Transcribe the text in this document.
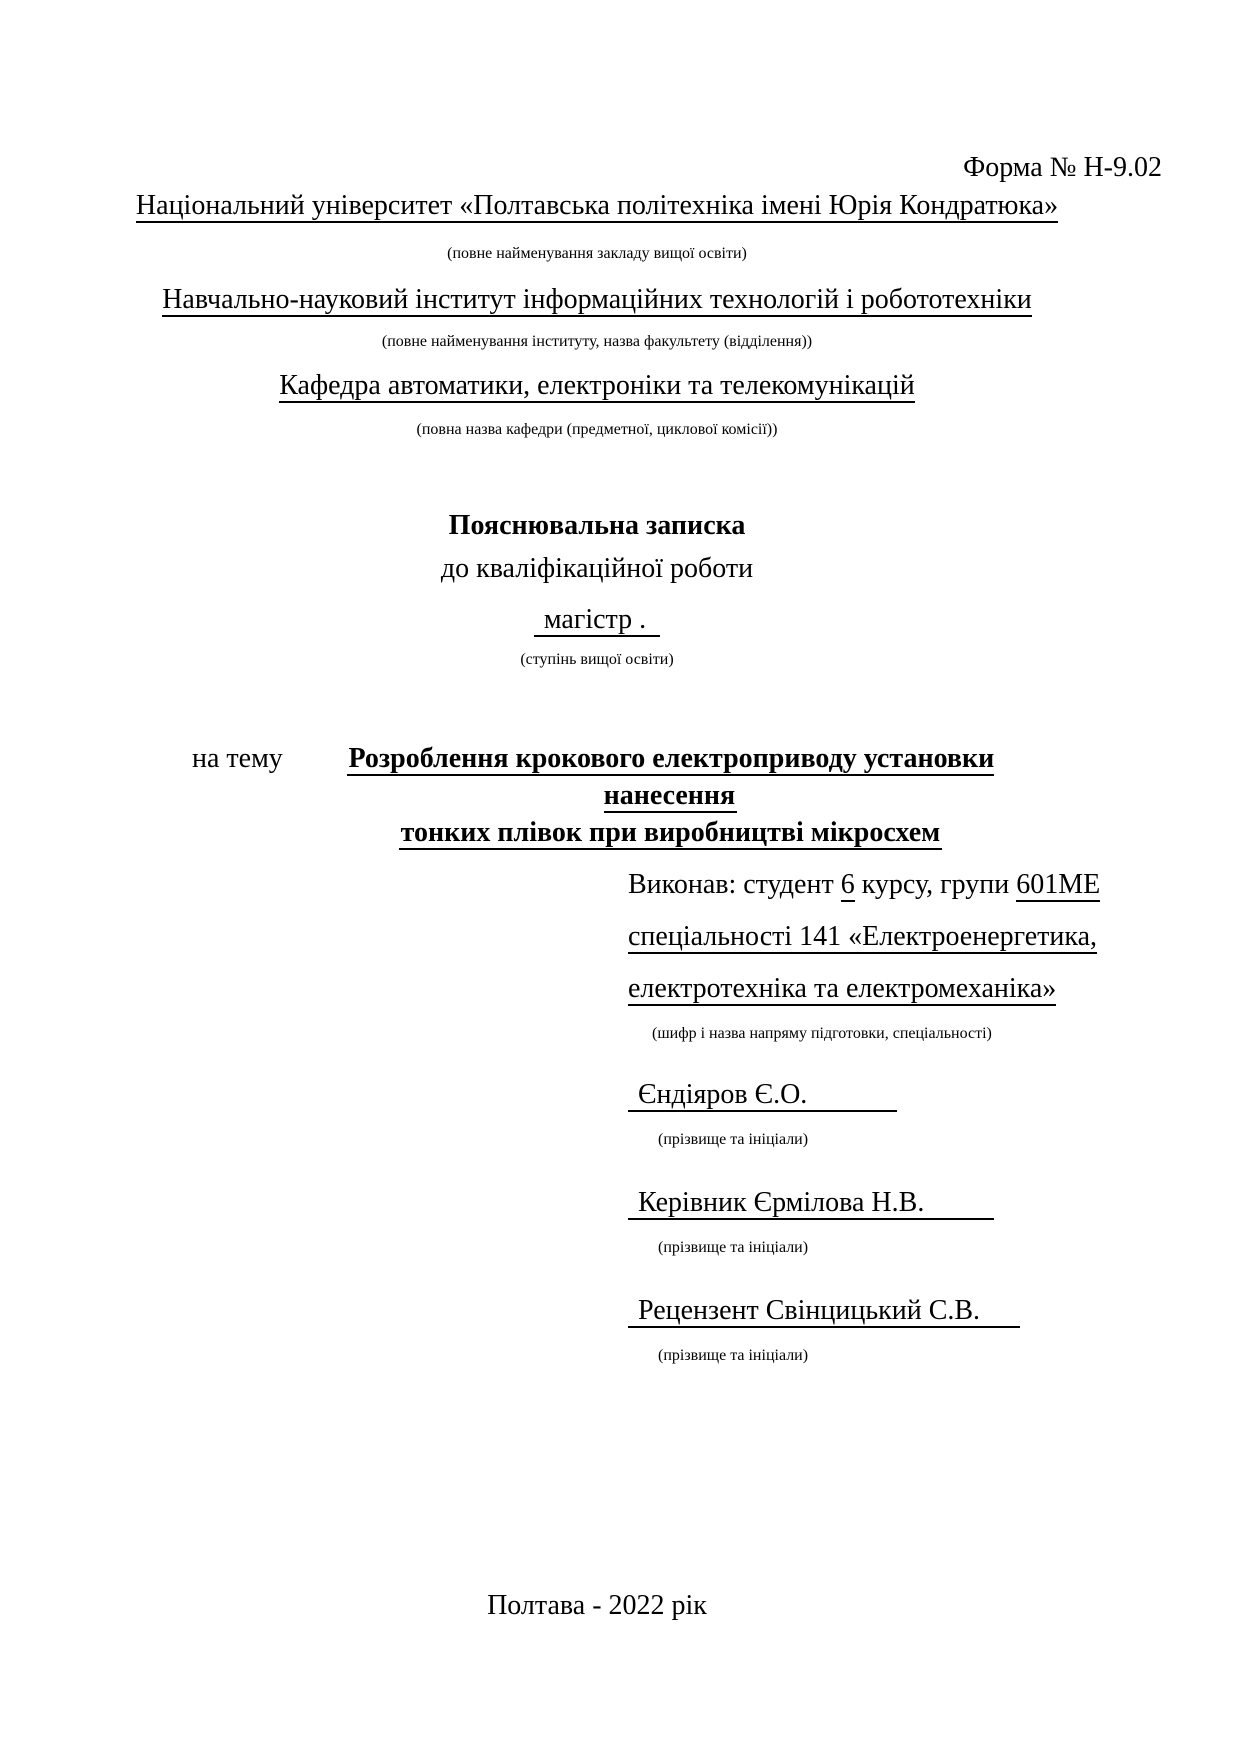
Форма № Н-9.02
Національний університет «Полтавська політехніка імені Юрія Кондратюка»
(повне найменування закладу вищої освіти)
Навчально-науковий інститут інформаційних технологій і робототехніки
(повне найменування інституту, назва факультету (відділення))
Кафедра автоматики, електроніки та телекомунікацій
(повна назва кафедри (предметної, циклової комісії))
Пояснювальна записка
до кваліфікаційної роботи
магістр .
(ступінь вищої освіти)
на тему	Розроблення крокового електроприводу установки нанесення
тонких плівок при виробництві мікросхем

Виконав: студент 6 курсу, групи 601МЕ

спеціальності 141 «Електроенергетика,

електротехніка та електромеханіка»

(шифр і назва напряму підготовки, спеціальності)

Єндіяров Є.О.

(прізвище та ініціали)

Керівник Єрмілова Н.В.

(прізвище та ініціали)

Рецензент Свінцицький С.В.

(прізвище та ініціали)

Полтава - 2022 рік
